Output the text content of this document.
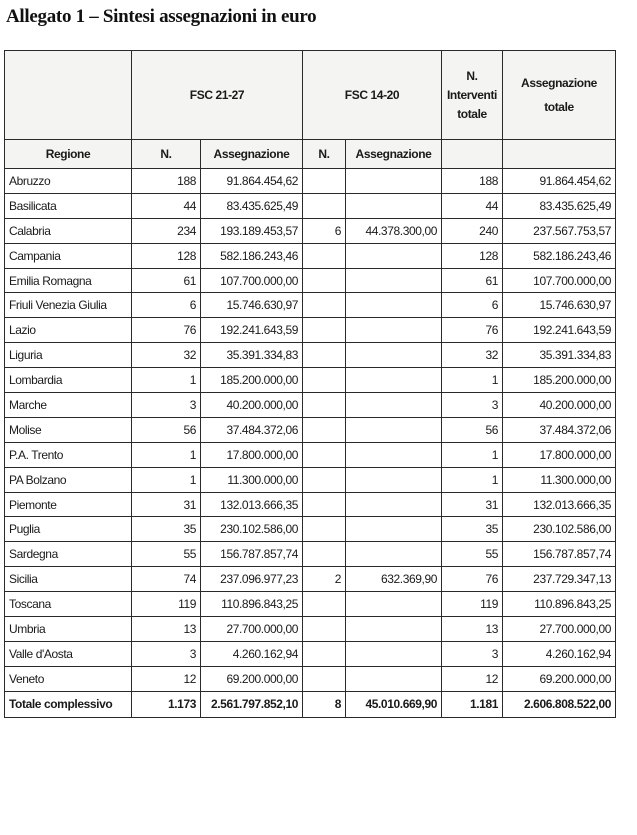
Allegato 1 – Sintesi assegnazioni in euro
	FSC 21-27		FSC 14-20		N.
Interventi
totale	Assegnazione
totale
Regione	N.	Assegnazione	N.	Assegnazione		
Abruzzo	188	91.864.454,62			188	91.864.454,62
Basilicata	44	83.435.625,49			44	83.435.625,49
Calabria	234	193.189.453,57	6	44.378.300,00	240	237.567.753,57
Campania	128	582.186.243,46			128	582.186.243,46
Emilia Romagna	61	107.700.000,00			61	107.700.000,00
Friuli Venezia Giulia	6	15.746.630,97			6	15.746.630,97
Lazio	76	192.241.643,59			76	192.241.643,59
Liguria	32	35.391.334,83			32	35.391.334,83
Lombardia	1	185.200.000,00			1	185.200.000,00
Marche	3	40.200.000,00			3	40.200.000,00
Molise	56	37.484.372,06			56	37.484.372,06
P.A. Trento	1	17.800.000,00			1	17.800.000,00
PA Bolzano	1	11.300.000,00			1	11.300.000,00
Piemonte	31	132.013.666,35			31	132.013.666,35
Puglia	35	230.102.586,00			35	230.102.586,00
Sardegna	55	156.787.857,74			55	156.787.857,74
Sicilia	74	237.096.977,23	2	632.369,90	76	237.729.347,13
Toscana	119	110.896.843,25			119	110.896.843,25
Umbria	13	27.700.000,00			13	27.700.000,00
Valle d'Aosta	3	4.260.162,94			3	4.260.162,94
Veneto	12	69.200.000,00			12	69.200.000,00
Totale complessivo	1.173	2.561.797.852,10	8	45.010.669,90	1.181	2.606.808.522,00
